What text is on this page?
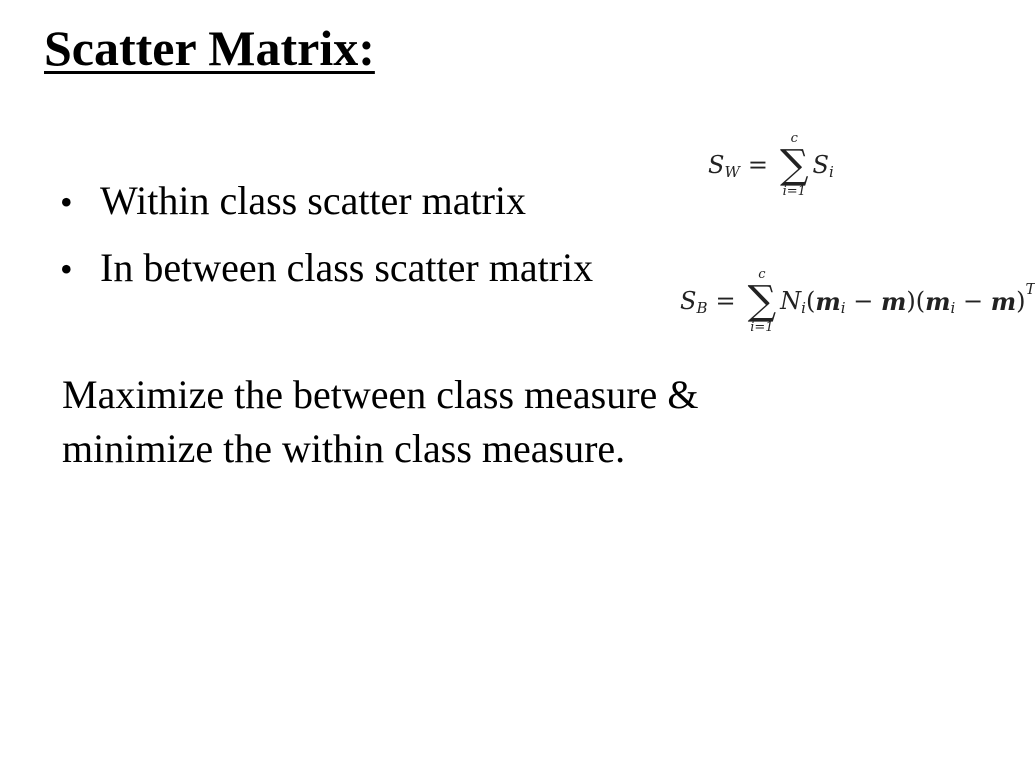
Scatter Matrix:
• Within class scatter matrix
• In between class scatter matrix
S W =
c
∑
i=1
S i
S B =
c
∑
i=1
N i ( m i − m ) ( m i − m ) T

Maximize the between class measure &
minimize the within class measure.
